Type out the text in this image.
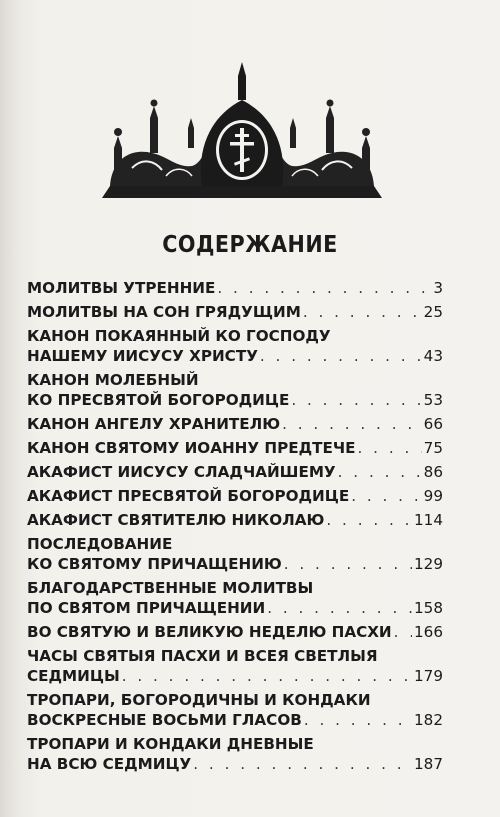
СОДЕРЖАНИЕ
МОЛИТВЫ УТРЕННИЕ . . .	3
МОЛИТВЫ НА СОН ГРЯДУЩИМ . . .	25
КАНОН ПОКАЯННЫЙ КО ГОСПОДУ
НАШЕМУ ИИСУСУ ХРИСТУ . . .	43
КАНОН МОЛЕБНЫЙ
КО ПРЕСВЯТОЙ БОГОРОДИЦЕ . . .	53
КАНОН АНГЕЛУ ХРАНИТЕЛЮ . . .	66
КАНОН СВЯТОМУ ИОАННУ ПРЕДТЕЧЕ . . .	75
АКАФИСТ ИИСУСУ СЛАДЧАЙШЕМУ . . .	86
АКАФИСТ ПРЕСВЯТОЙ БОГОРОДИЦЕ . . .	99
АКАФИСТ СВЯТИТЕЛЮ НИКОЛАЮ . . .	114
ПОСЛЕДОВАНИЕ
КО СВЯТОМУ ПРИЧАЩЕНИЮ . . .	129
БЛАГОДАРСТВЕННЫЕ МОЛИТВЫ
ПО СВЯТОМ ПРИЧАЩЕНИИ . . .	158
ВО СВЯТУЮ И ВЕЛИКУЮ НЕДЕЛЮ ПАСХИ . . . 166
ЧАСЫ СВЯТЫЯ ПАСХИ И ВСЕЯ СВЕТЛЫЯ
СЕДМИЦЫ . . .	179
ТРОПАРИ, БОГОРОДИЧНЫ И КОНДАКИ
ВОСКРЕСНЫЕ ВОСЬМИ ГЛАСОВ . . .	182
ТРОПАРИ И КОНДАКИ ДНЕВНЫЕ
НА ВСЮ СЕДМИЦУ . . .	187
